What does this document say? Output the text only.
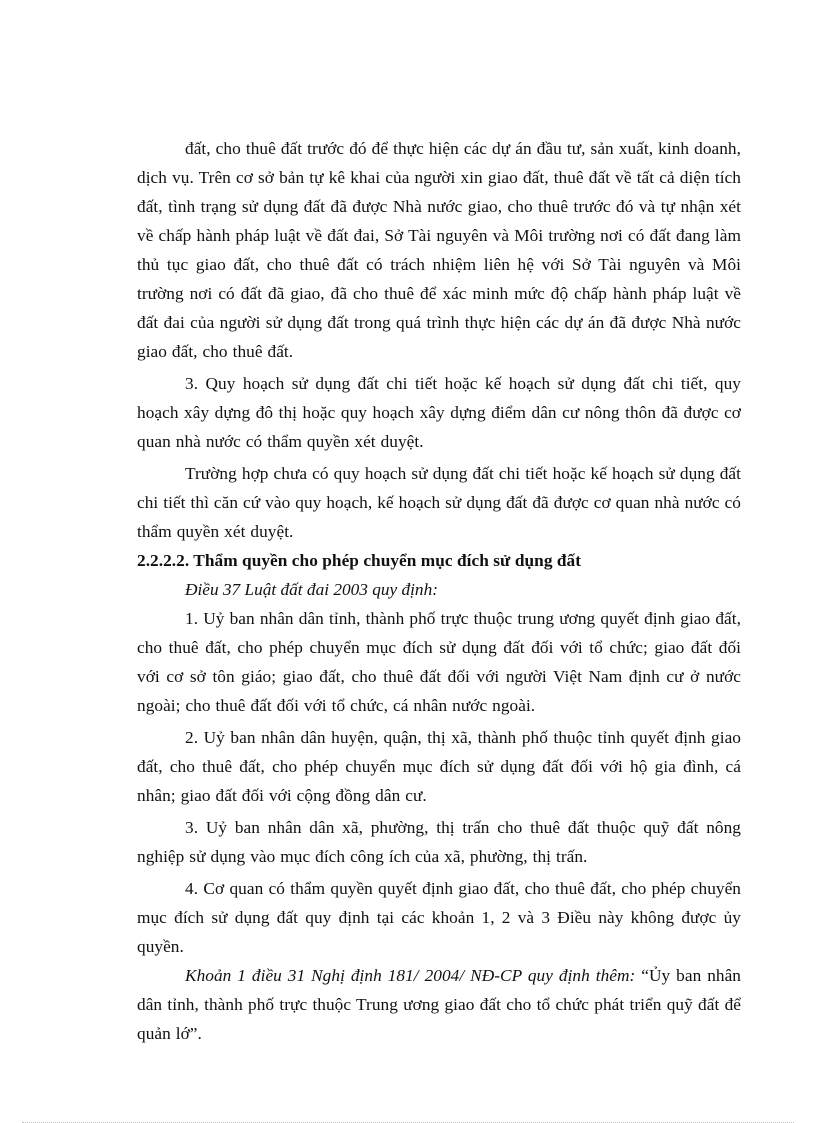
đất, cho thuê đất trước đó để thực hiện các dự án đầu tư, sản xuất, kinh doanh, dịch vụ. Trên cơ sở bản tự kê khai của người xin giao đất, thuê đất về tất cả diện tích đất, tình trạng sử dụng đất đã được Nhà nước giao, cho thuê trước đó và tự nhận xét về chấp hành pháp luật về đất đai, Sở Tài nguyên và Môi trường nơi có đất đang làm thủ tục giao đất, cho thuê đất có trách nhiệm liên hệ với Sở Tài nguyên và Môi trường nơi có đất đã giao, đã cho thuê để xác minh mức độ chấp hành pháp luật về đất đai của người sử dụng đất trong quá trình thực hiện các dự án đã được Nhà nước giao đất, cho thuê đất.

3. Quy hoạch sử dụng đất chi tiết hoặc kế hoạch sử dụng đất chi tiết, quy hoạch xây dựng đô thị hoặc quy hoạch xây dựng điểm dân cư nông thôn đã được cơ quan nhà nước có thẩm quyền xét duyệt.

Trường hợp chưa có quy hoạch sử dụng đất chi tiết hoặc kế hoạch sử dụng đất chi tiết thì căn cứ vào quy hoạch, kế hoạch sử dụng đất đã được cơ quan nhà nước có thẩm quyền xét duyệt.

2.2.2.2. Thẩm quyền cho phép chuyển mục đích sử dụng đất

Điều 37 Luật đất đai 2003 quy định:

1. Uỷ ban nhân dân tỉnh, thành phố trực thuộc trung ương quyết định giao đất, cho thuê đất, cho phép chuyển mục đích sử dụng đất đối với tổ chức; giao đất đối với cơ sở tôn giáo; giao đất, cho thuê đất đối với người Việt Nam định cư ở nước ngoài; cho thuê đất đối với tổ chức, cá nhân nước ngoài.

2. Uỷ ban nhân dân huyện, quận, thị xã, thành phố thuộc tỉnh quyết định giao đất, cho thuê đất, cho phép chuyển mục đích sử dụng đất đối với hộ gia đình, cá nhân; giao đất đối với cộng đồng dân cư.

3. Uỷ ban nhân dân xã, phường, thị trấn cho thuê đất thuộc quỹ đất nông nghiệp sử dụng vào mục đích công ích của xã, phường, thị trấn.

4. Cơ quan có thẩm quyền quyết định giao đất, cho thuê đất, cho phép chuyển mục đích sử dụng đất quy định tại các khoản 1, 2 và 3 Điều này không được ủy quyền.

Khoản 1 điều 31 Nghị định 181/ 2004/ NĐ-CP quy định thêm: “Ủy ban nhân dân tỉnh, thành phố trực thuộc Trung ương giao đất cho tổ chức phát triển quỹ đất để quản lớ”.
